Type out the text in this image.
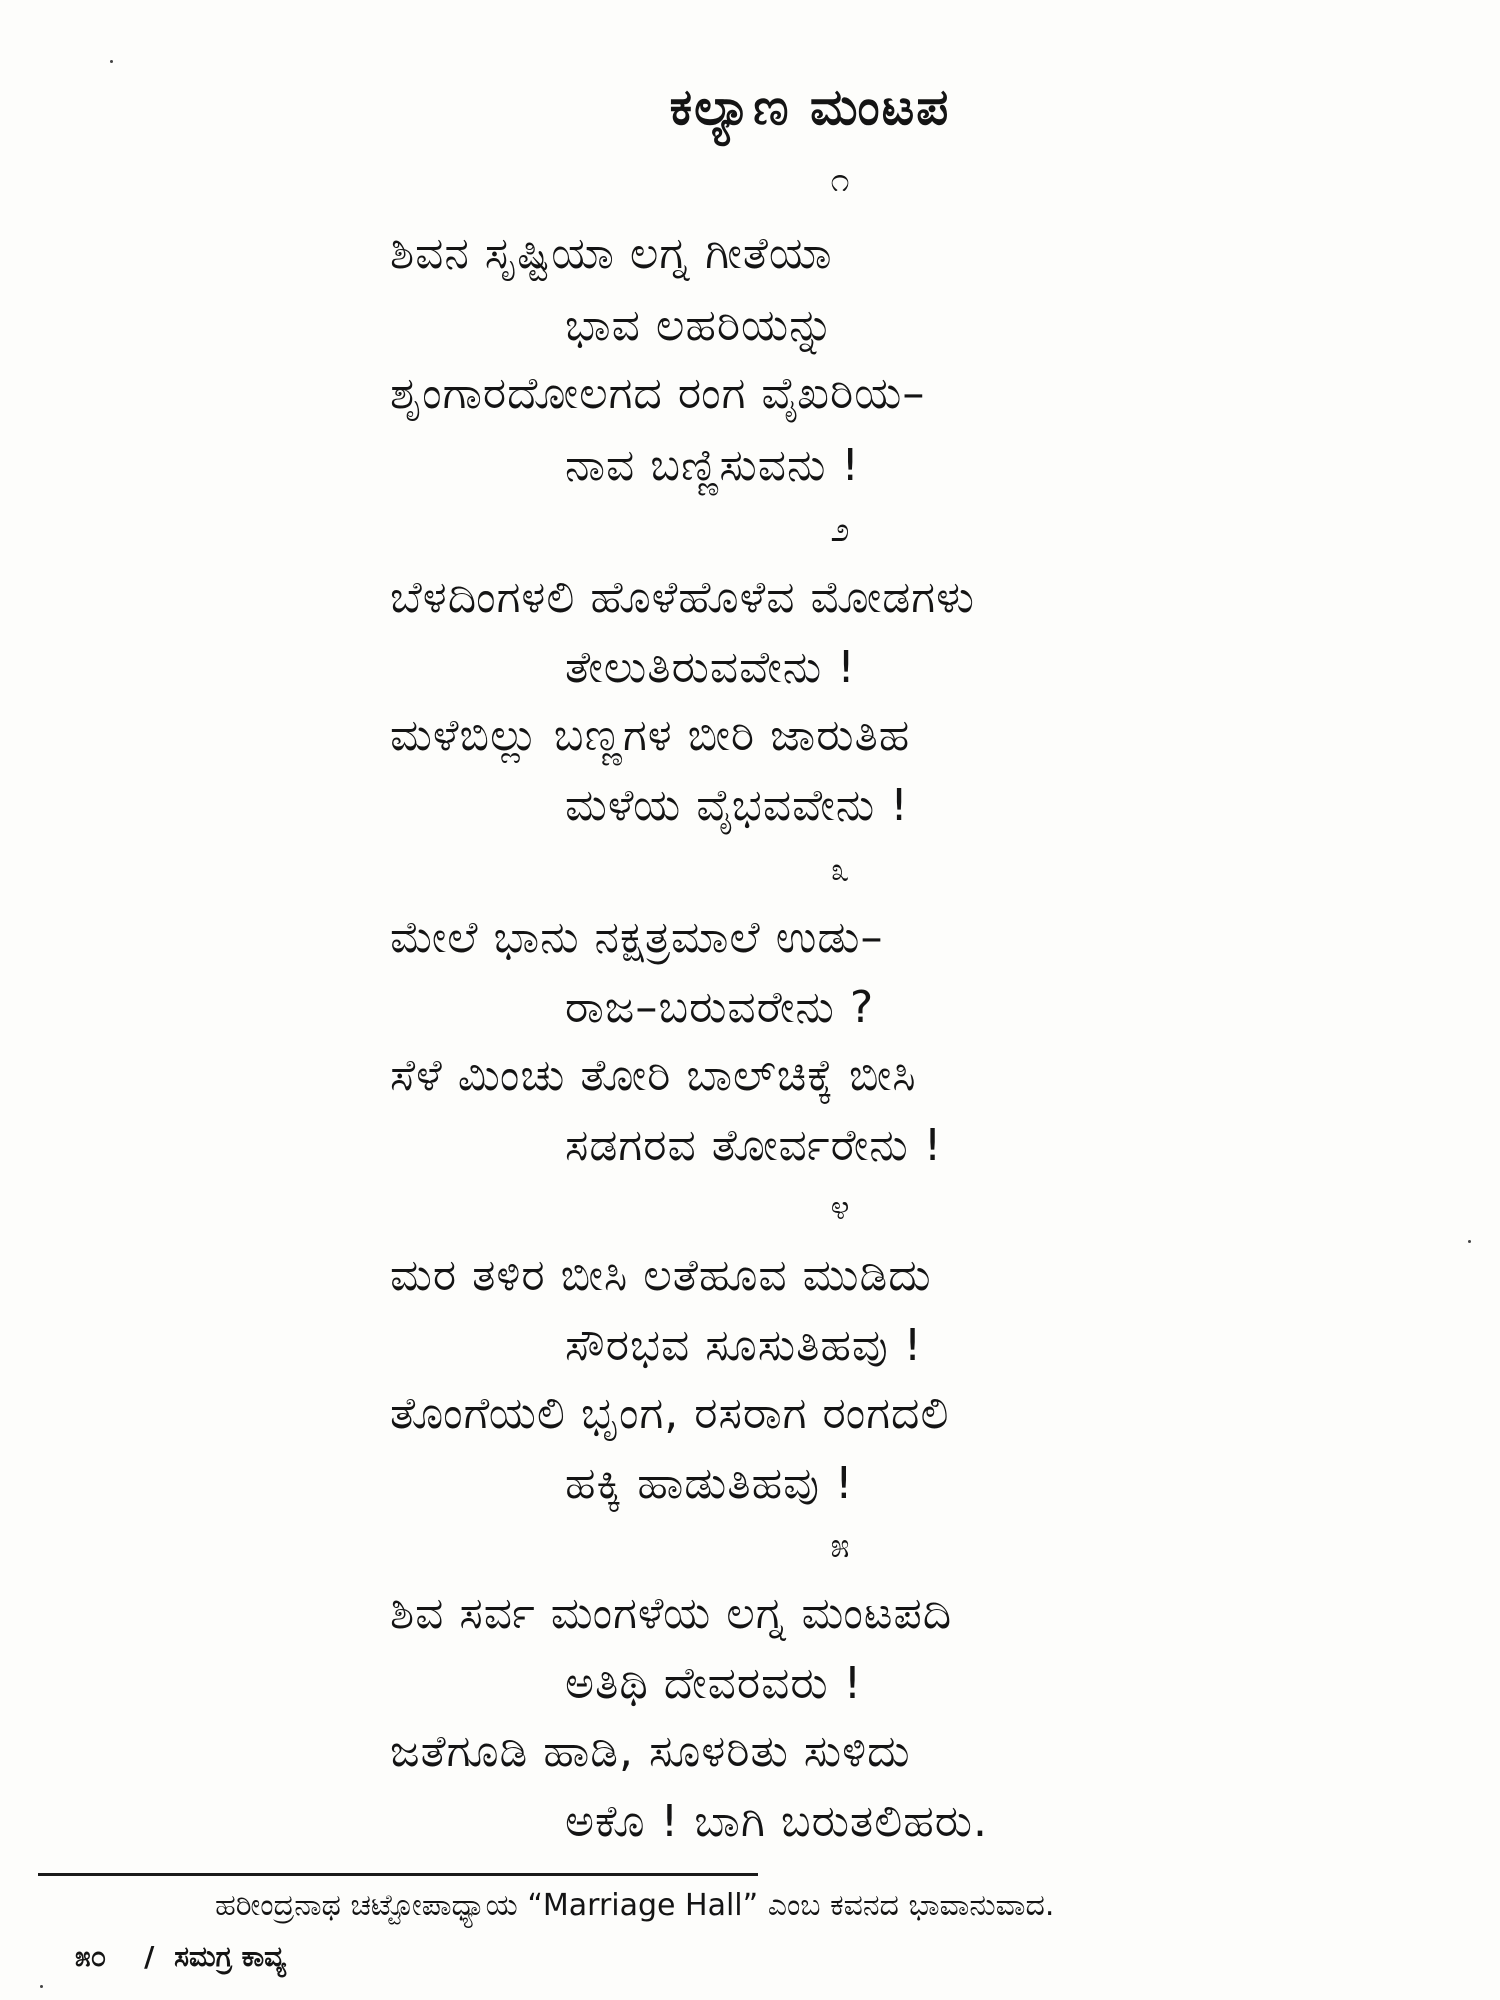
ಕಲ್ಯಾಣ ಮಂಟಪ
೧
ಶಿವನ ಸೃಷ್ಟಿಯಾ ಲಗ್ನ ಗೀತೆಯಾ
ಭಾವ ಲಹರಿಯನ್ನು
ಶೃಂಗಾರದೋಲಗದ ರಂಗ ವೈಖರಿಯ–
ನಾವ ಬಣ್ಣಿಸುವನು !
೨
ಬೆಳದಿಂಗಳಲಿ ಹೊಳೆಹೊಳೆವ ಮೋಡಗಳು
ತೇಲುತಿರುವವೇನು !
ಮಳೆಬಿಲ್ಲು ಬಣ್ಣಗಳ ಬೀರಿ ಜಾರುತಿಹ
ಮಳೆಯ ವೈಭವವೇನು !
೩
ಮೇಲೆ ಭಾನು ನಕ್ಷತ್ರಮಾಲೆ ಉಡು–
ರಾಜ–ಬರುವರೇನು ?
ಸೆಳೆ ಮಿಂಚು ತೋರಿ ಬಾಲ್‌ಚಿಕ್ಕೆ ಬೀಸಿ
ಸಡಗರವ ತೋರ್ವರೇನು !
೪
ಮರ ತಳಿರ ಬೀಸಿ ಲತೆಹೂವ ಮುಡಿದು
ಸೌರಭವ ಸೂಸುತಿಹವು !
ತೊಂಗೆಯಲಿ ಭೃಂಗ, ರಸರಾಗ ರಂಗದಲಿ
ಹಕ್ಕಿ ಹಾಡುತಿಹವು !
೫
ಶಿವ ಸರ್ವ ಮಂಗಳೆಯ ಲಗ್ನ ಮಂಟಪದಿ
ಅತಿಥಿ ದೇವರವರು !
ಜತೆಗೂಡಿ ಹಾಡಿ, ಸೂಳರಿತು ಸುಳಿದು
ಅಕೊ ! ಬಾಗಿ ಬರುತಲಿಹರು.
ಹರೀಂದ್ರನಾಥ ಚಟ್ಟೋಪಾಧ್ಯಾಯ “Marriage Hall” ಎಂಬ ಕವನದ ಭಾವಾನುವಾದ.
೫೦ / ಸಮಗ್ರ ಕಾವ್ಯ
